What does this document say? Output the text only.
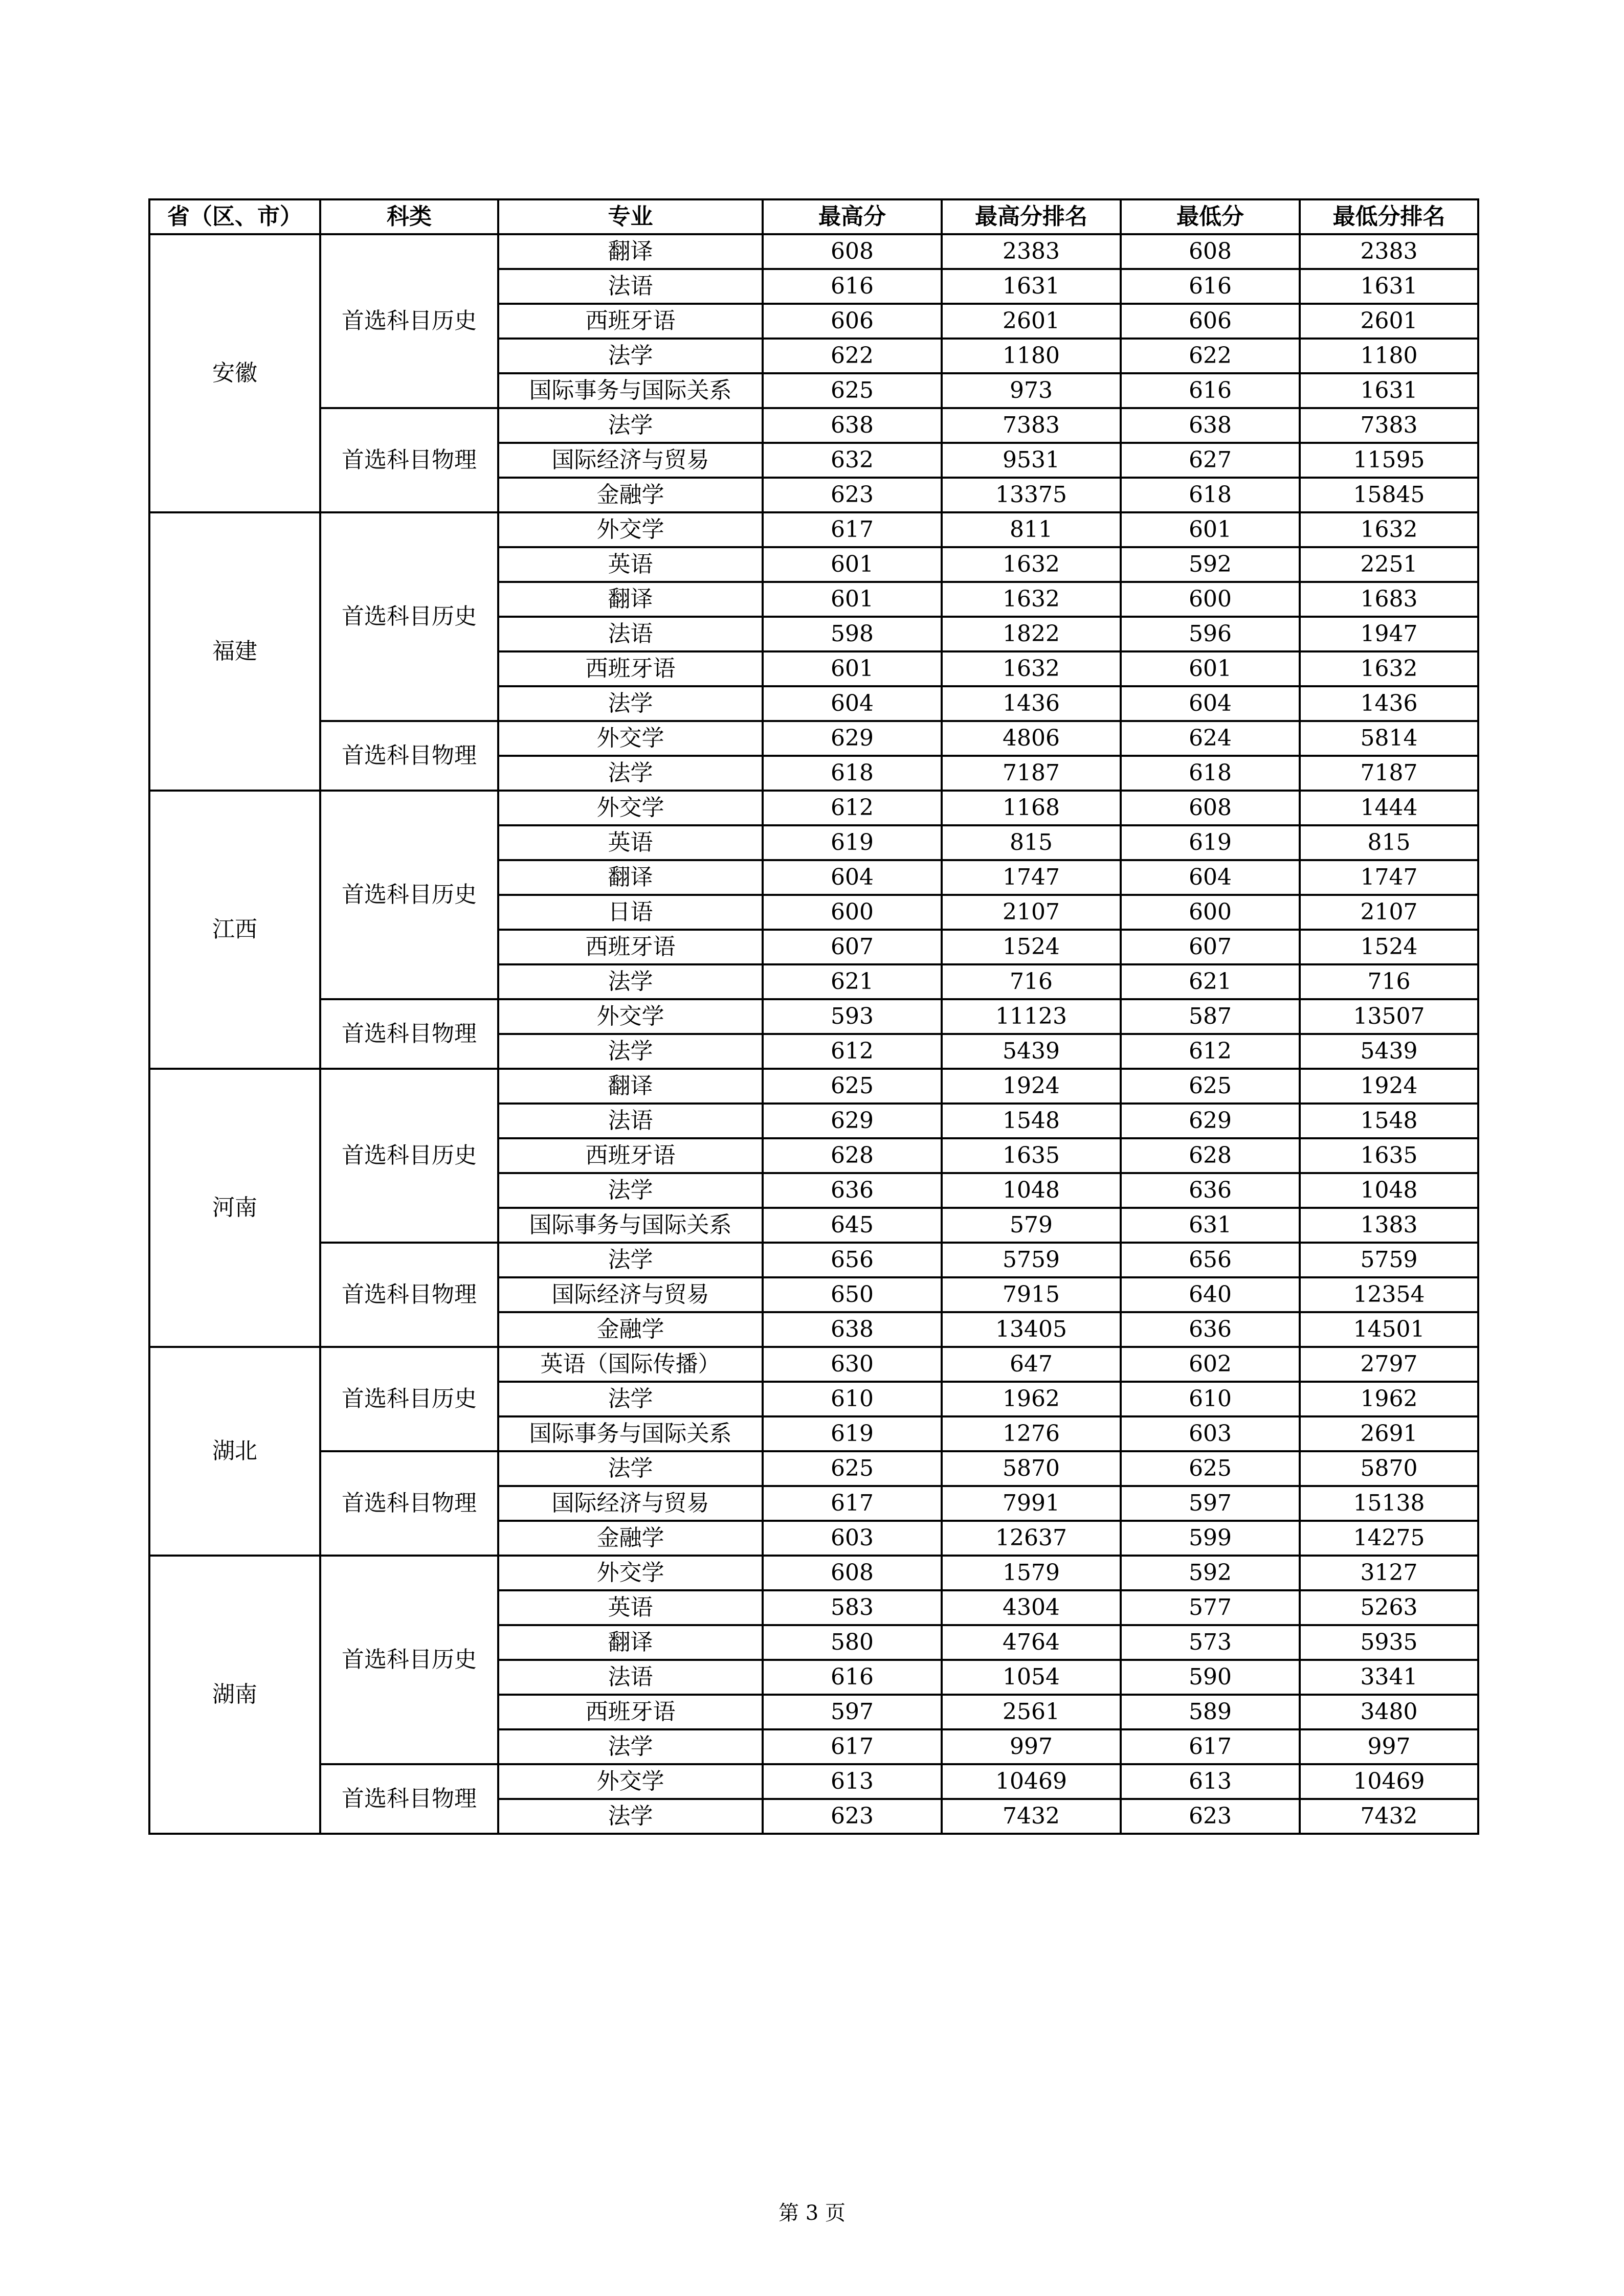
省（区、市）	科类	专业	最高分	最高分排名	最低分	最低分排名
安徽	首选科目历史	翻译	608	2383	608	2383
		法语	616	1631	616	1631
		西班牙语	606	2601	606	2601
		法学	622	1180	622	1180
		国际事务与国际关系	625	973	616	1631
	首选科目物理	法学	638	7383	638	7383
		国际经济与贸易	632	9531	627	11595
		金融学	623	13375	618	15845
福建	首选科目历史	外交学	617	811	601	1632
		英语	601	1632	592	2251
		翻译	601	1632	600	1683
		法语	598	1822	596	1947
		西班牙语	601	1632	601	1632
		法学	604	1436	604	1436
	首选科目物理	外交学	629	4806	624	5814
		法学	618	7187	618	7187
江西	首选科目历史	外交学	612	1168	608	1444
		英语	619	815	619	815
		翻译	604	1747	604	1747
		日语	600	2107	600	2107
		西班牙语	607	1524	607	1524
		法学	621	716	621	716
	首选科目物理	外交学	593	11123	587	13507
		法学	612	5439	612	5439
河南	首选科目历史	翻译	625	1924	625	1924
		法语	629	1548	629	1548
		西班牙语	628	1635	628	1635
		法学	636	1048	636	1048
		国际事务与国际关系	645	579	631	1383
	首选科目物理	法学	656	5759	656	5759
		国际经济与贸易	650	7915	640	12354
		金融学	638	13405	636	14501
湖北	首选科目历史	英语（国际传播）	630	647	602	2797
		法学	610	1962	610	1962
		国际事务与国际关系	619	1276	603	2691
	首选科目物理	法学	625	5870	625	5870
		国际经济与贸易	617	7991	597	15138
		金融学	603	12637	599	14275
湖南	首选科目历史	外交学	608	1579	592	3127
		英语	583	4304	577	5263
		翻译	580	4764	573	5935
		法语	616	1054	590	3341
		西班牙语	597	2561	589	3480
		法学	617	997	617	997
	首选科目物理	外交学	613	10469	613	10469
		法学	623	7432	623	7432
第 3 页
